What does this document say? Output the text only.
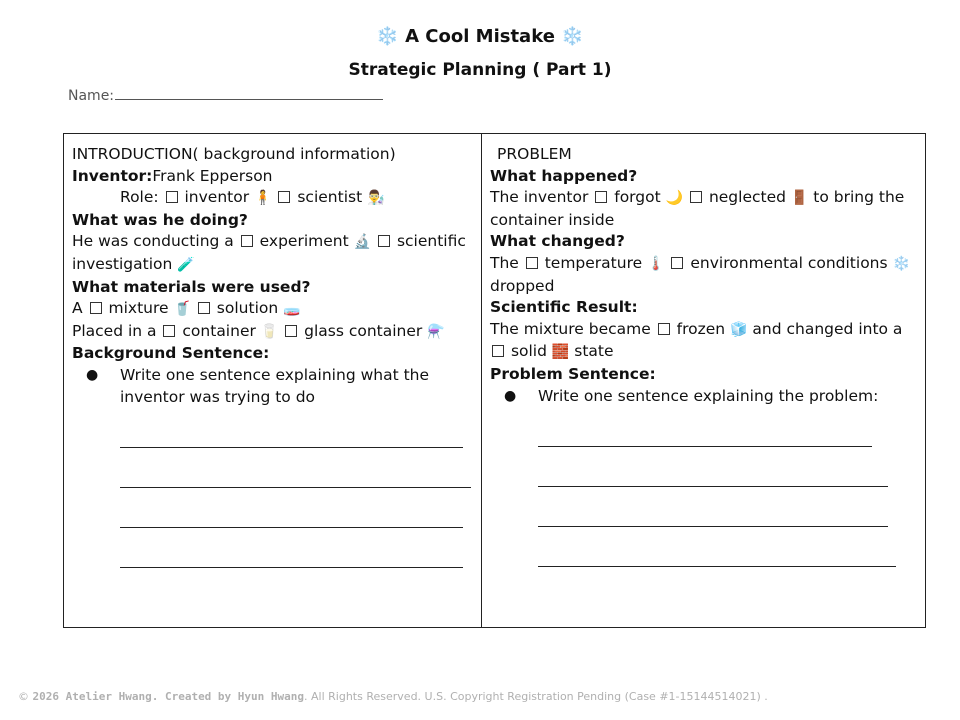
❄️ A Cool Mistake ❄️
Strategic Planning ( Part 1)
Name:
INTRODUCTION( background information)
Inventor:Frank Epperson
Role: inventor 🧍 scientist 👨‍🔬
What was he doing?
He was conducting a experiment 🔬 scientific investigation 🧪
What materials were used?
A mixture 🥤 solution 🧫
Placed in a container 🥛 glass container ⚗️
Background Sentence:
● Write one sentence explaining what the inventor was trying to do
PROBLEM
What happened?
The inventor forgot 🌙 neglected 🚪 to bring the container inside
What changed?
The temperature 🌡️ environmental conditions ❄️ dropped
Scientific Result:
The mixture became frozen 🧊 and changed into a  solid 🧱 state
Problem Sentence:
● Write one sentence explaining the problem:
© 2026 Atelier Hwang. Created by Hyun Hwang. All Rights Reserved. U.S. Copyright Registration Pending (Case #1-15144514021) .
